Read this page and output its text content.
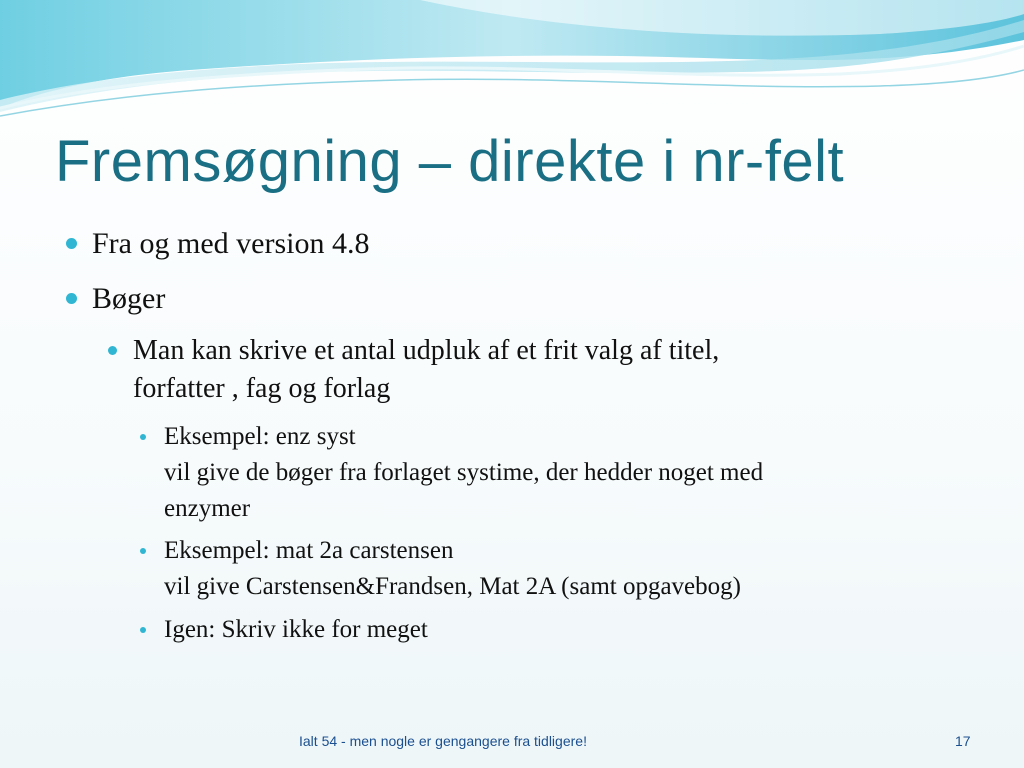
Fremsøgning – direkte i nr-felt
Fra og med version 4.8
Bøger
Man kan skrive et antal udpluk af et frit valg af titel,
forfatter , fag og forlag
Eksempel: enz syst
vil give de bøger fra forlaget systime, der hedder noget med
enzymer
Eksempel: mat 2a carstensen
vil give Carstensen&Frandsen, Mat 2A (samt opgavebog)
Igen: Skriv ikke for meget
Ialt 54 - men nogle er gengangere fra tidligere!	17
